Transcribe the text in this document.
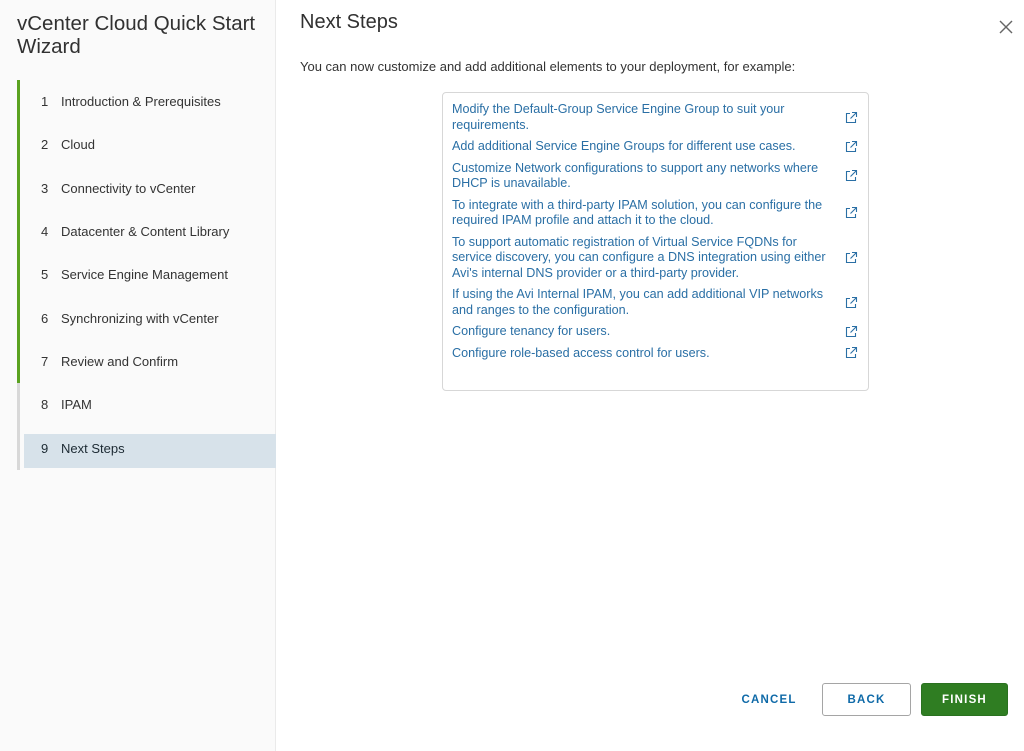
vCenter Cloud Quick Start Wizard
1 Introduction & Prerequisites
2 Cloud
3 Connectivity to vCenter
4 Datacenter & Content Library
5 Service Engine Management
6 Synchronizing with vCenter
7 Review and Confirm
8 IPAM
9 Next Steps
Next Steps

You can now customize and add additional elements to your deployment, for example:

Modify the Default-Group Service Engine Group to suit your requirements.
Add additional Service Engine Groups for different use cases.
Customize Network configurations to support any networks where DHCP is unavailable.
To integrate with a third-party IPAM solution, you can configure the required IPAM profile and attach it to the cloud.
To support automatic registration of Virtual Service FQDNs for service discovery, you can configure a DNS integration using either Avi's internal DNS provider or a third-party provider.
If using the Avi Internal IPAM, you can add additional VIP networks and ranges to the configuration.
Configure tenancy for users.
Configure role-based access control for users.
CANCEL	BACK	FINISH
